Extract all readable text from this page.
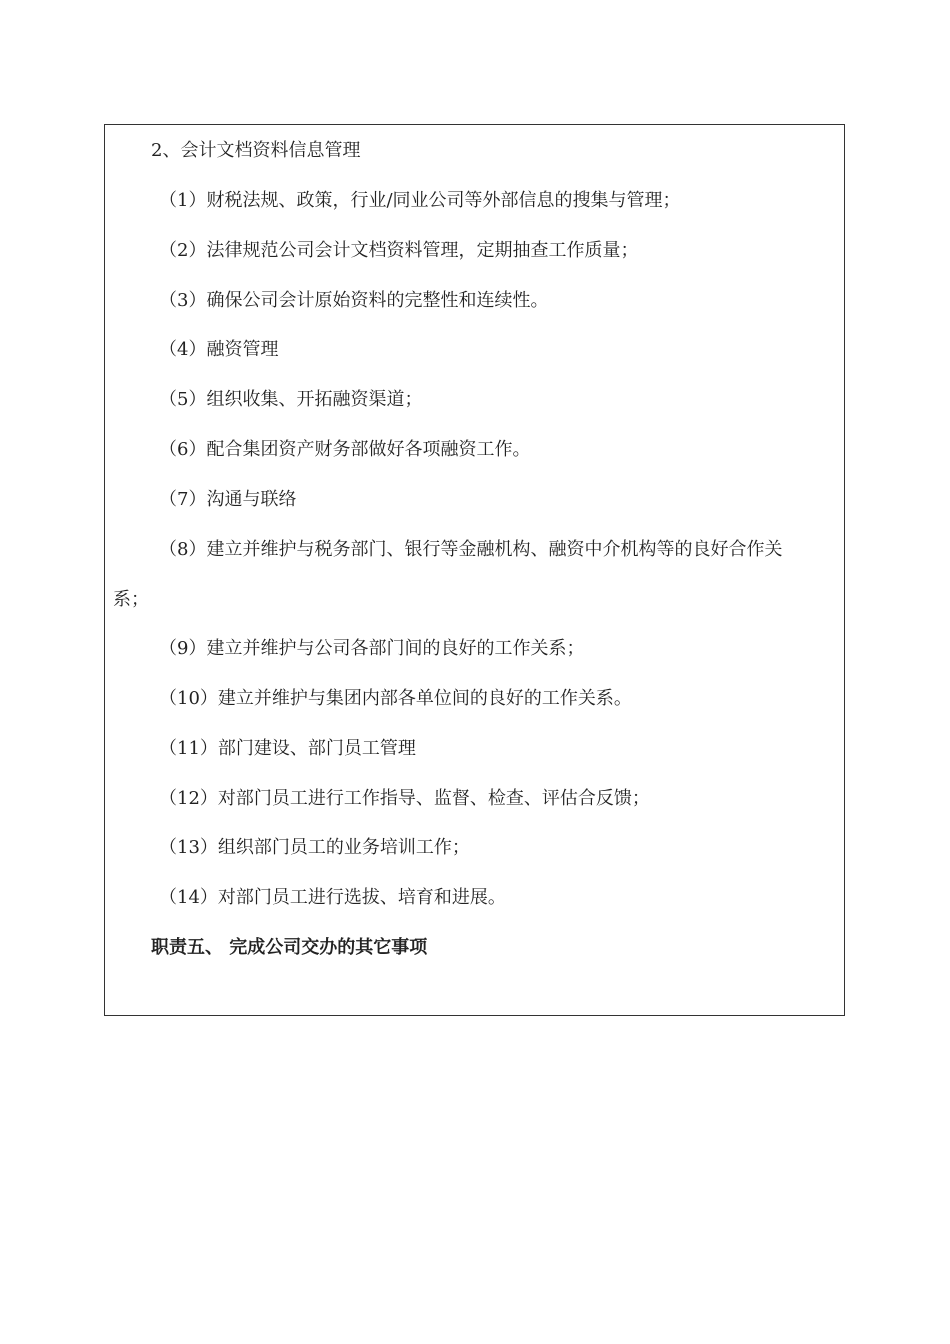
2、会计文档资料信息管理
（1）财税法规、政策，行业/同业公司等外部信息的搜集与管理；
（2）法律规范公司会计文档资料管理，定期抽查工作质量；
（3）确保公司会计原始资料的完整性和连续性。
（4）融资管理
（5）组织收集、开拓融资渠道；
（6）配合集团资产财务部做好各项融资工作。
（7）沟通与联络
（8）建立并维护与税务部门、银行等金融机构、融资中介机构等的良好合作关
系；
（9）建立并维护与公司各部门间的良好的工作关系；
（10）建立并维护与集团内部各单位间的良好的工作关系。
（11）部门建设、部门员工管理
（12）对部门员工进行工作指导、监督、检查、评估合反馈；
（13）组织部门员工的业务培训工作；
（14）对部门员工进行选拔、培育和进展。
职责五、 完成公司交办的其它事项
